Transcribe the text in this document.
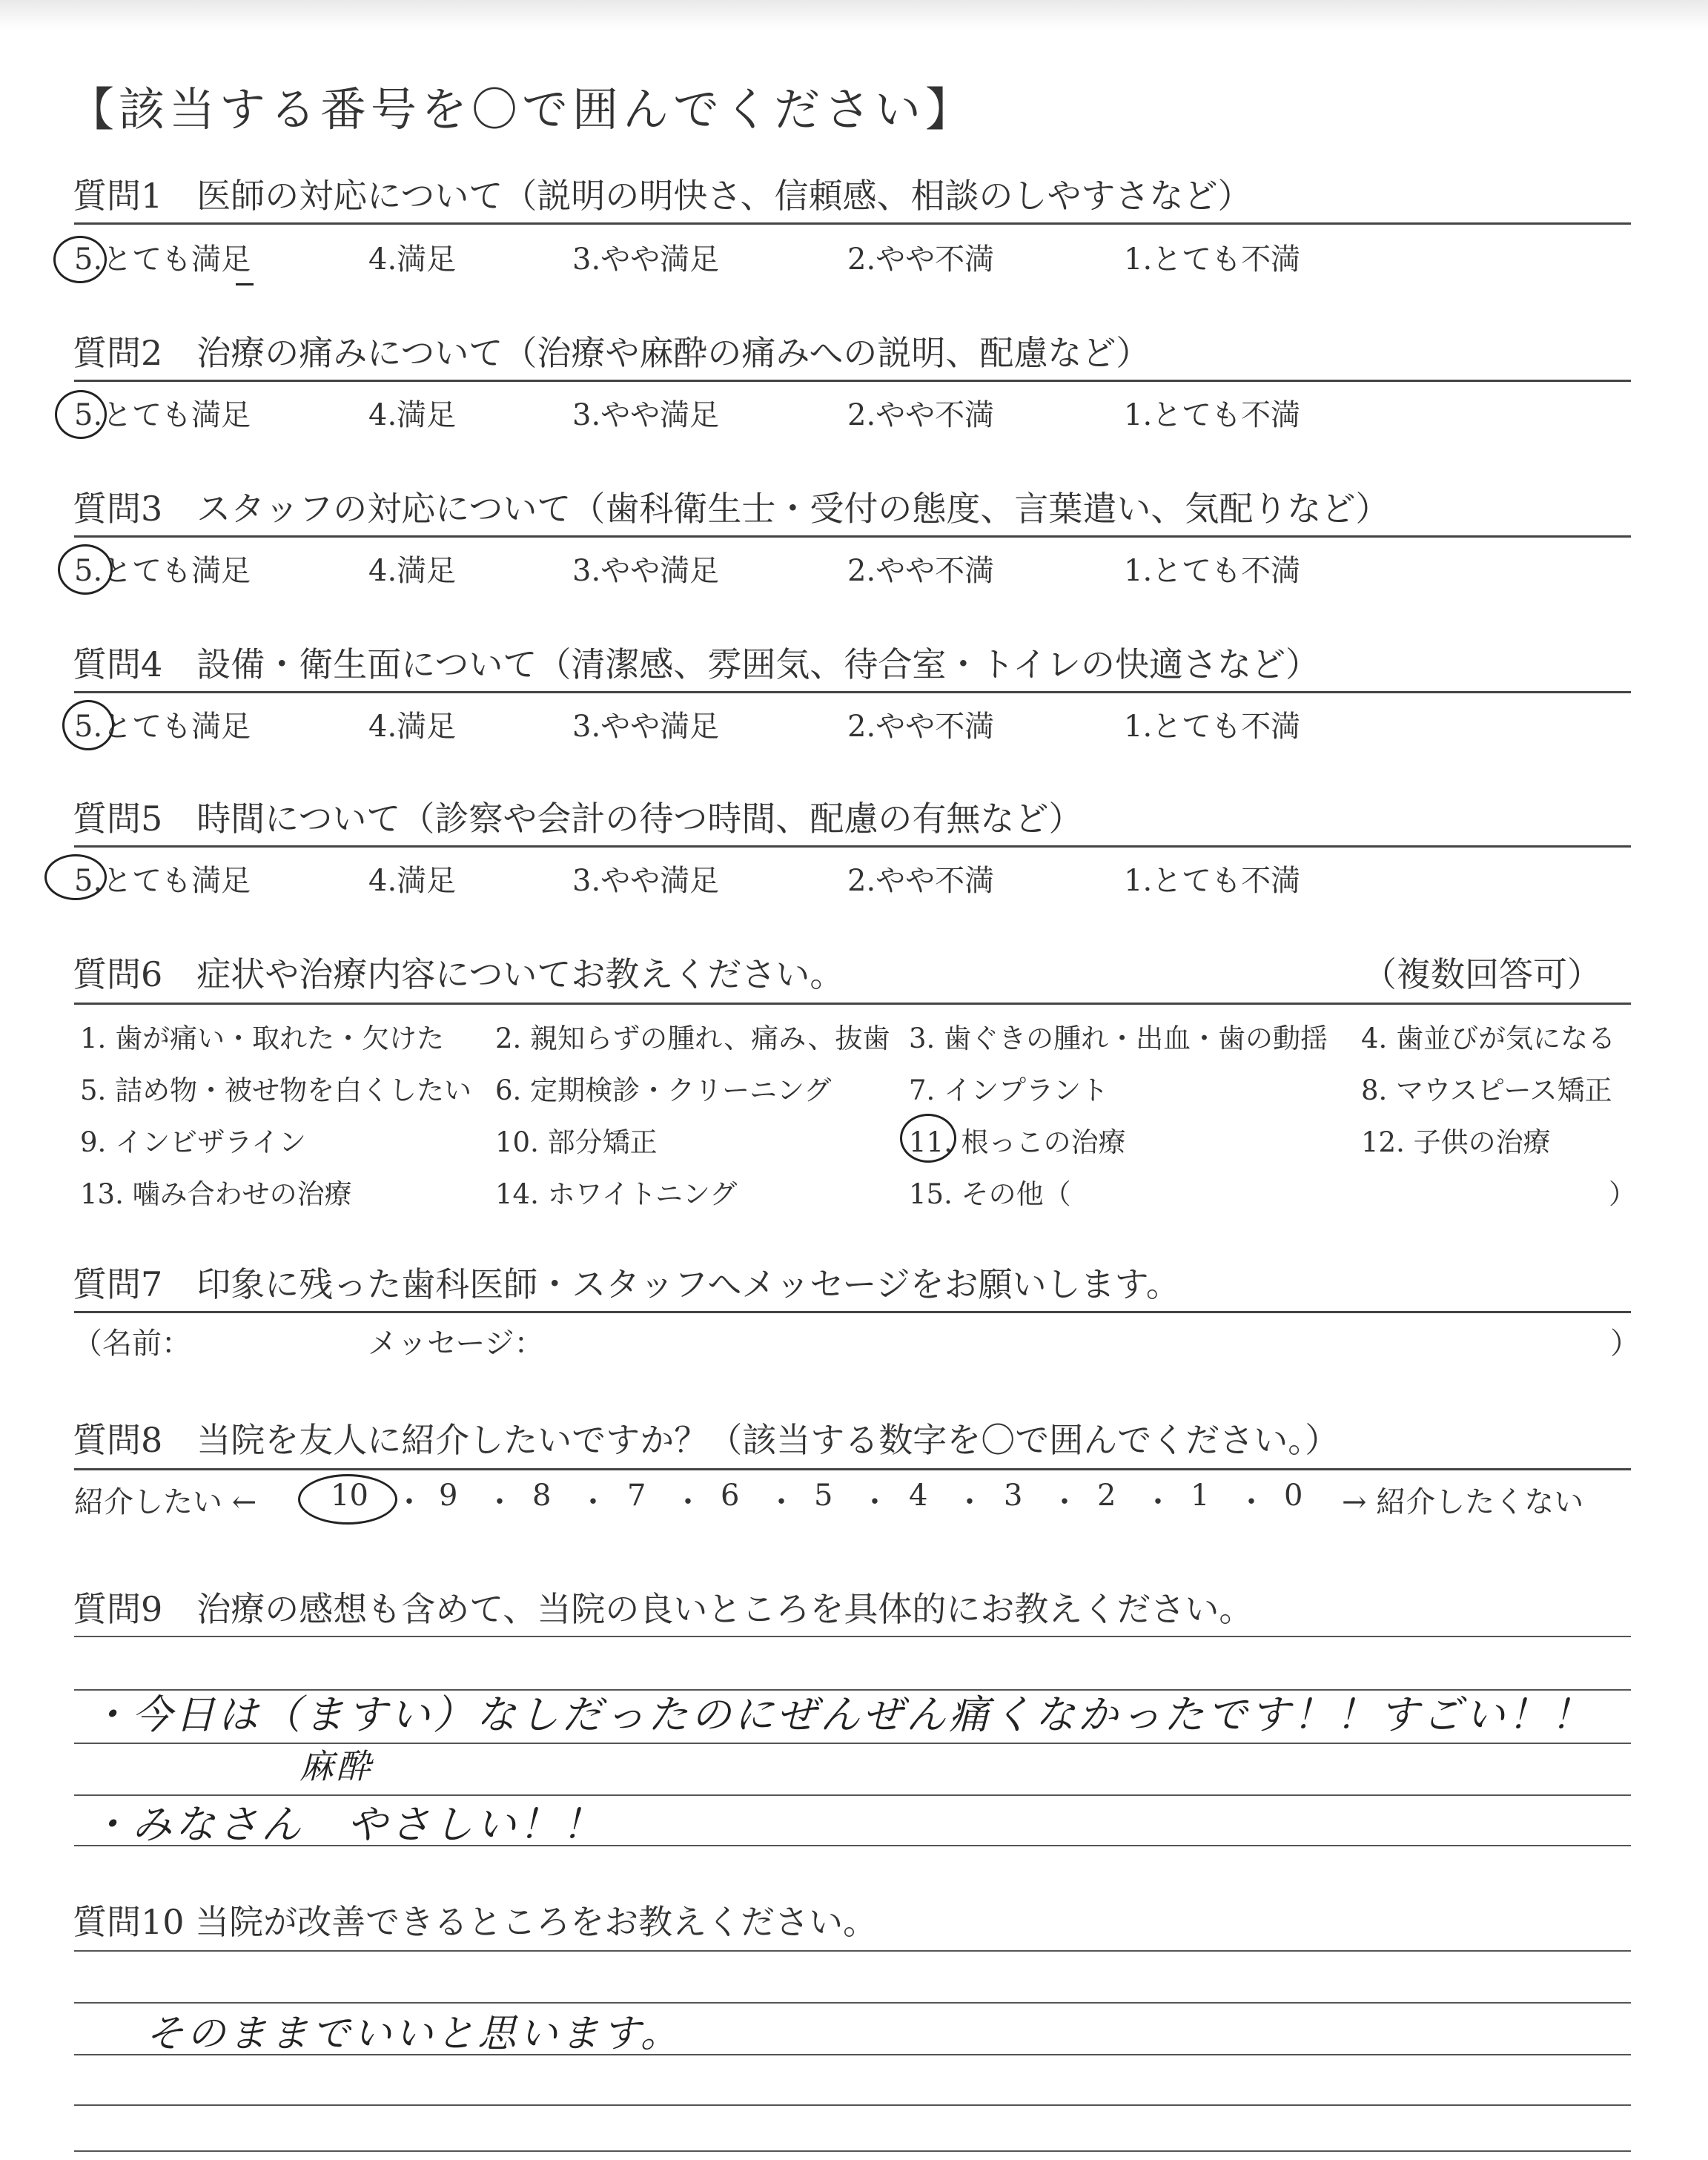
【該当する番号を〇で囲んでください】
質問1　医師の対応について（説明の明快さ、信頼感、相談のしやすさなど）
5.とても満足	4.満足	3.やや満足	2.やや不満	1.とても不満
質問2　治療の痛みについて（治療や麻酔の痛みへの説明、配慮など）
5.とても満足	4.満足	3.やや満足	2.やや不満	1.とても不満
質問3　スタッフの対応について（歯科衛生士・受付の態度、言葉遣い、気配りなど）
5.とても満足	4.満足	3.やや満足	2.やや不満	1.とても不満
質問4　設備・衛生面について（清潔感、雰囲気、待合室・トイレの快適さなど）
5.とても満足	4.満足	3.やや満足	2.やや不満	1.とても不満
質問5　時間について（診察や会計の待つ時間、配慮の有無など）
5.とても満足	4.満足	3.やや満足	2.やや不満	1.とても不満
質問6　症状や治療内容についてお教えください。	（複数回答可）
1. 歯が痛い・取れた・欠けた 2. 親知らずの腫れ、痛み、抜歯 3. 歯ぐきの腫れ・出血・歯の動揺 4. 歯並びが気になる
5. 詰め物・被せ物を白くしたい 6. 定期検診・クリーニング	7. インプラント	8. マウスピース矯正
9. インビザライン	10. 部分矯正	11. 根っこの治療	12. 子供の治療
13. 噛み合わせの治療	14. ホワイトニング	15. その他（	）
質問7　印象に残った歯科医師・スタッフへメッセージをお願いします。
（名前：	メッセージ：	）
質問8　当院を友人に紹介したいですか？（該当する数字を〇で囲んでください。）
紹介したい ← 10 ・ 9 ・ 8 ・ 7 ・ 6 ・ 5 ・ 4 ・ 3 ・ 2 ・ 1 ・ 0 → 紹介したくない
質問9　治療の感想も含めて、当院の良いところを具体的にお教えください。
・今日は（ますい）なしだったのにぜんぜん痛くなかったです！！すごい！！
麻酔
・みなさん　やさしい！！
質問10 当院が改善できるところをお教えください。
そのままでいいと思います。
